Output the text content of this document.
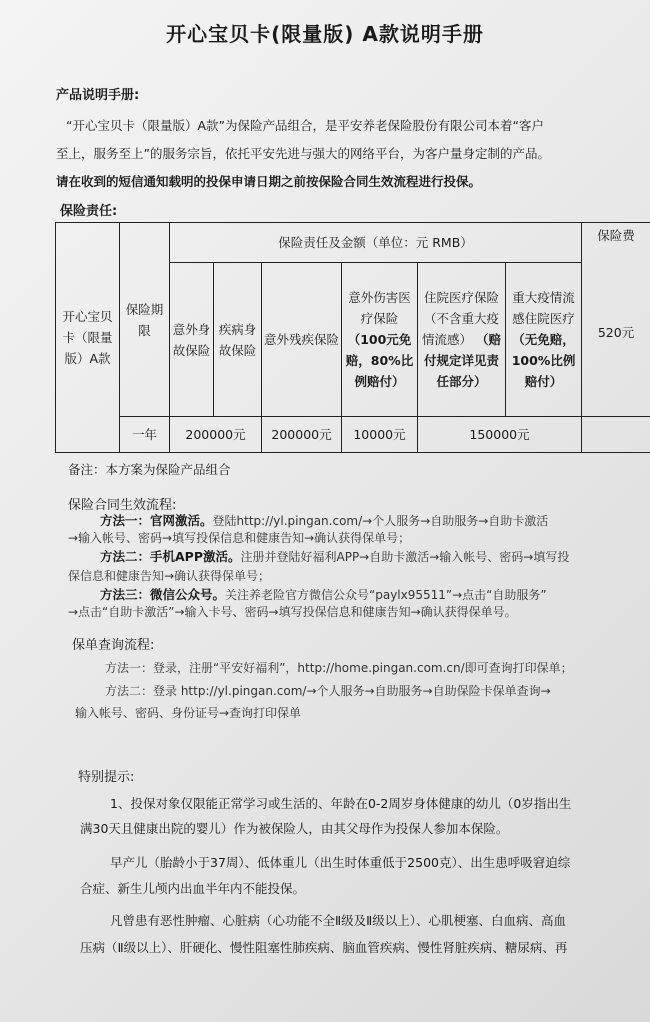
开心宝贝卡(限量版) A款说明手册
产品说明手册:
“开心宝贝卡（限量版）A款”为保险产品组合，是平安养老保险股份有限公司本着“客户
至上，服务至上”的服务宗旨，依托平安先进与强大的网络平台，为客户量身定制的产品。
请在收到的短信通知载明的投保申请日期之前按保险合同生效流程进行投保。
保险责任:
开心宝贝卡（限量版）A款	保险期限	保险责任及金额（单位：元 RMB）						保险费
		意外身故保险	疾病身故保险	意外残疾保险	意外伤害医疗保险 （100元免赔，80%比例赔付）	住院医疗保险（不含重大疫情流感） （赔付规定详见责任部分）	重大疫情流感住院医疗 （无免赔，100%比例赔付）	
	一年	200000元		200000元	10000元	150000元		520元
备注：本方案为保险产品组合
保险合同生效流程:
方法一：官网激活。登陆http://yl.pingan.com/→个人服务→自助服务→自助卡激活
→输入帐号、密码→填写投保信息和健康告知→确认获得保单号；
方法二：手机APP激活。注册并登陆好福利APP→自助卡激活→输入帐号、密码→填写投
保信息和健康告知→确认获得保单号；
方法三：微信公众号。关注养老险官方微信公众号“paylx95511”→点击“自助服务”
→点击“自助卡激活”→输入卡号、密码→填写投保信息和健康告知→确认获得保单号。
保单查询流程:
方法一：登录，注册“平安好福利”，http://home.pingan.com.cn/即可查询打印保单；
方法二：登录 http://yl.pingan.com/→个人服务→自助服务→自助保险卡保单查询→
输入帐号、密码、身份证号→查询打印保单
特别提示:
1、投保对象仅限能正常学习或生活的、年龄在0-2周岁身体健康的幼儿（0岁指出生
满30天且健康出院的婴儿）作为被保险人，由其父母作为投保人参加本保险。
早产儿（胎龄小于37周）、低体重儿（出生时体重低于2500克）、出生患呼吸窘迫综
合症、新生儿颅内出血半年内不能投保。
凡曾患有恶性肿瘤、心脏病（心功能不全Ⅱ级及Ⅱ级以上）、心肌梗塞、白血病、高血
压病（Ⅱ级以上）、肝硬化、慢性阻塞性肺疾病、脑血管疾病、慢性肾脏疾病、糖尿病、再
